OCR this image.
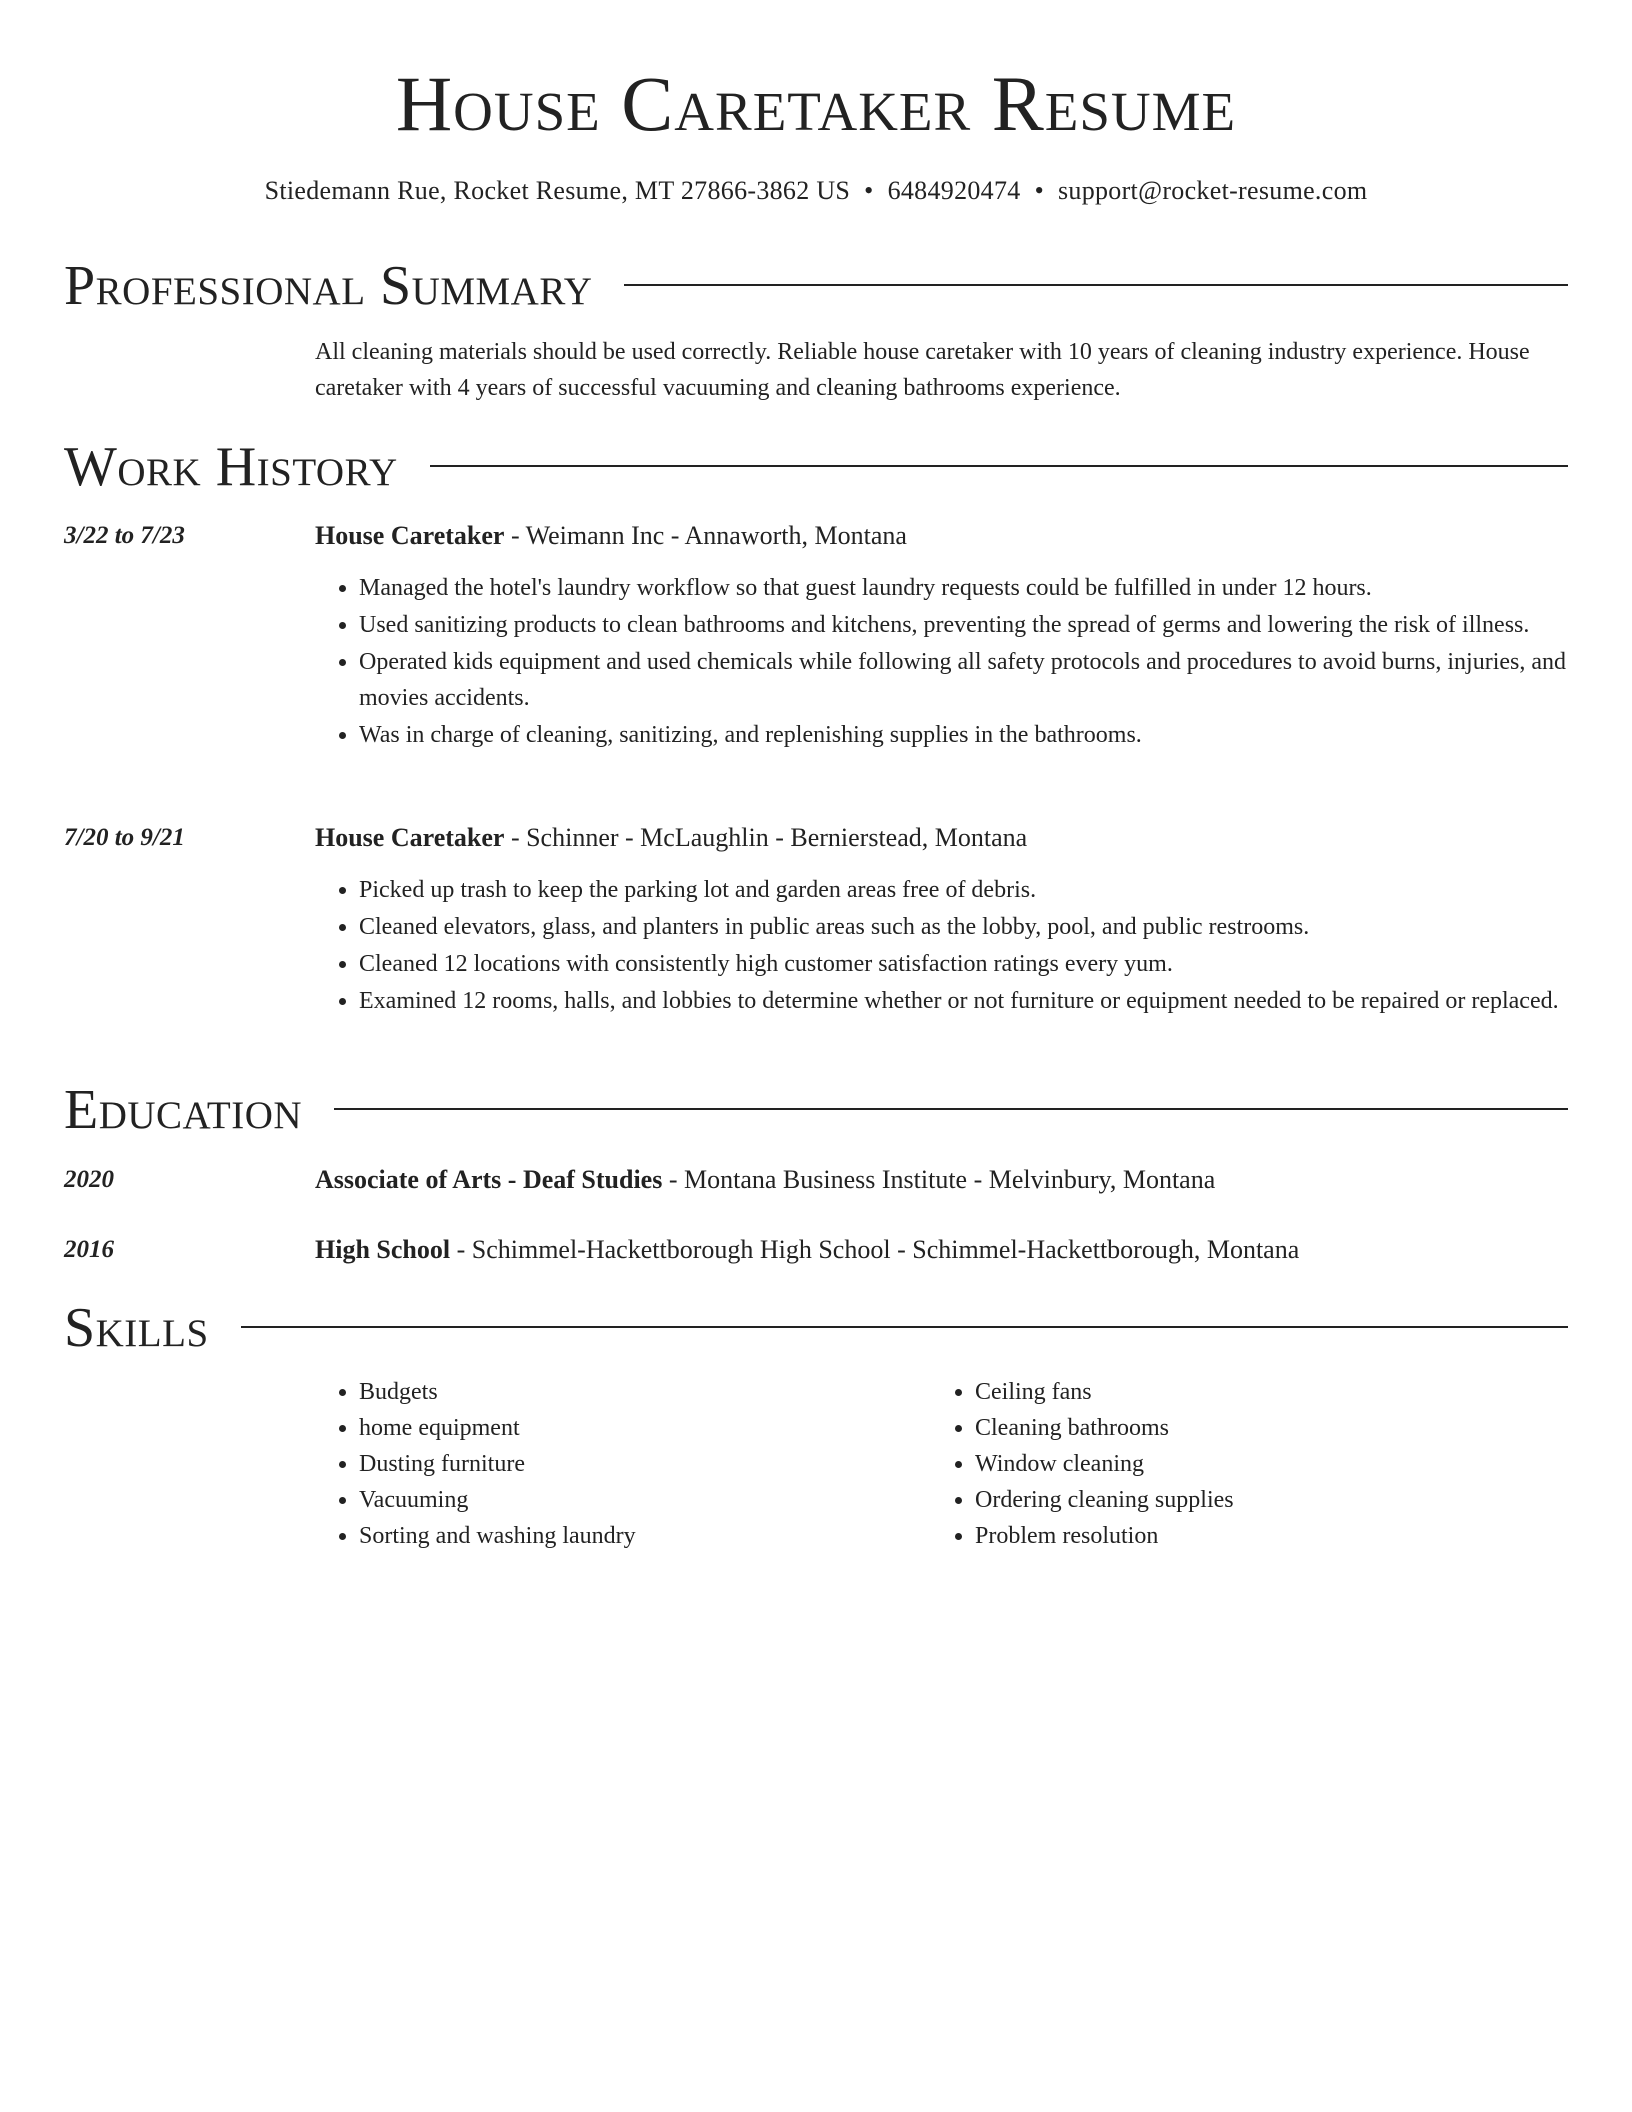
House Caretaker Resume
Stiedemann Rue, Rocket Resume, MT 27866-3862 US • 6484920474 • support@rocket-resume.com
Professional Summary
All cleaning materials should be used correctly. Reliable house caretaker with 10 years of cleaning industry experience. House caretaker with 4 years of successful vacuuming and cleaning bathrooms experience.
Work History
3/22 to 7/23	House Caretaker - Weimann Inc - Annaworth, Montana
• Managed the hotel's laundry workflow so that guest laundry requests could be fulfilled in under 12 hours.
• Used sanitizing products to clean bathrooms and kitchens, preventing the spread of germs and lowering the risk of illness.
• Operated kids equipment and used chemicals while following all safety protocols and procedures to avoid burns, injuries, and movies accidents.
• Was in charge of cleaning, sanitizing, and replenishing supplies in the bathrooms.
7/20 to 9/21	House Caretaker - Schinner - McLaughlin - Bernierstead, Montana
• Picked up trash to keep the parking lot and garden areas free of debris.
• Cleaned elevators, glass, and planters in public areas such as the lobby, pool, and public restrooms.
• Cleaned 12 locations with consistently high customer satisfaction ratings every yum.
• Examined 12 rooms, halls, and lobbies to determine whether or not furniture or equipment needed to be repaired or replaced.
Education
2020	Associate of Arts - Deaf Studies - Montana Business Institute - Melvinbury, Montana
2016	High School - Schimmel-Hackettborough High School - Schimmel-Hackettborough, Montana
Skills
• Budgets
• home equipment
• Dusting furniture
• Vacuuming
• Sorting and washing laundry
• Ceiling fans
• Cleaning bathrooms
• Window cleaning
• Ordering cleaning supplies
• Problem resolution
